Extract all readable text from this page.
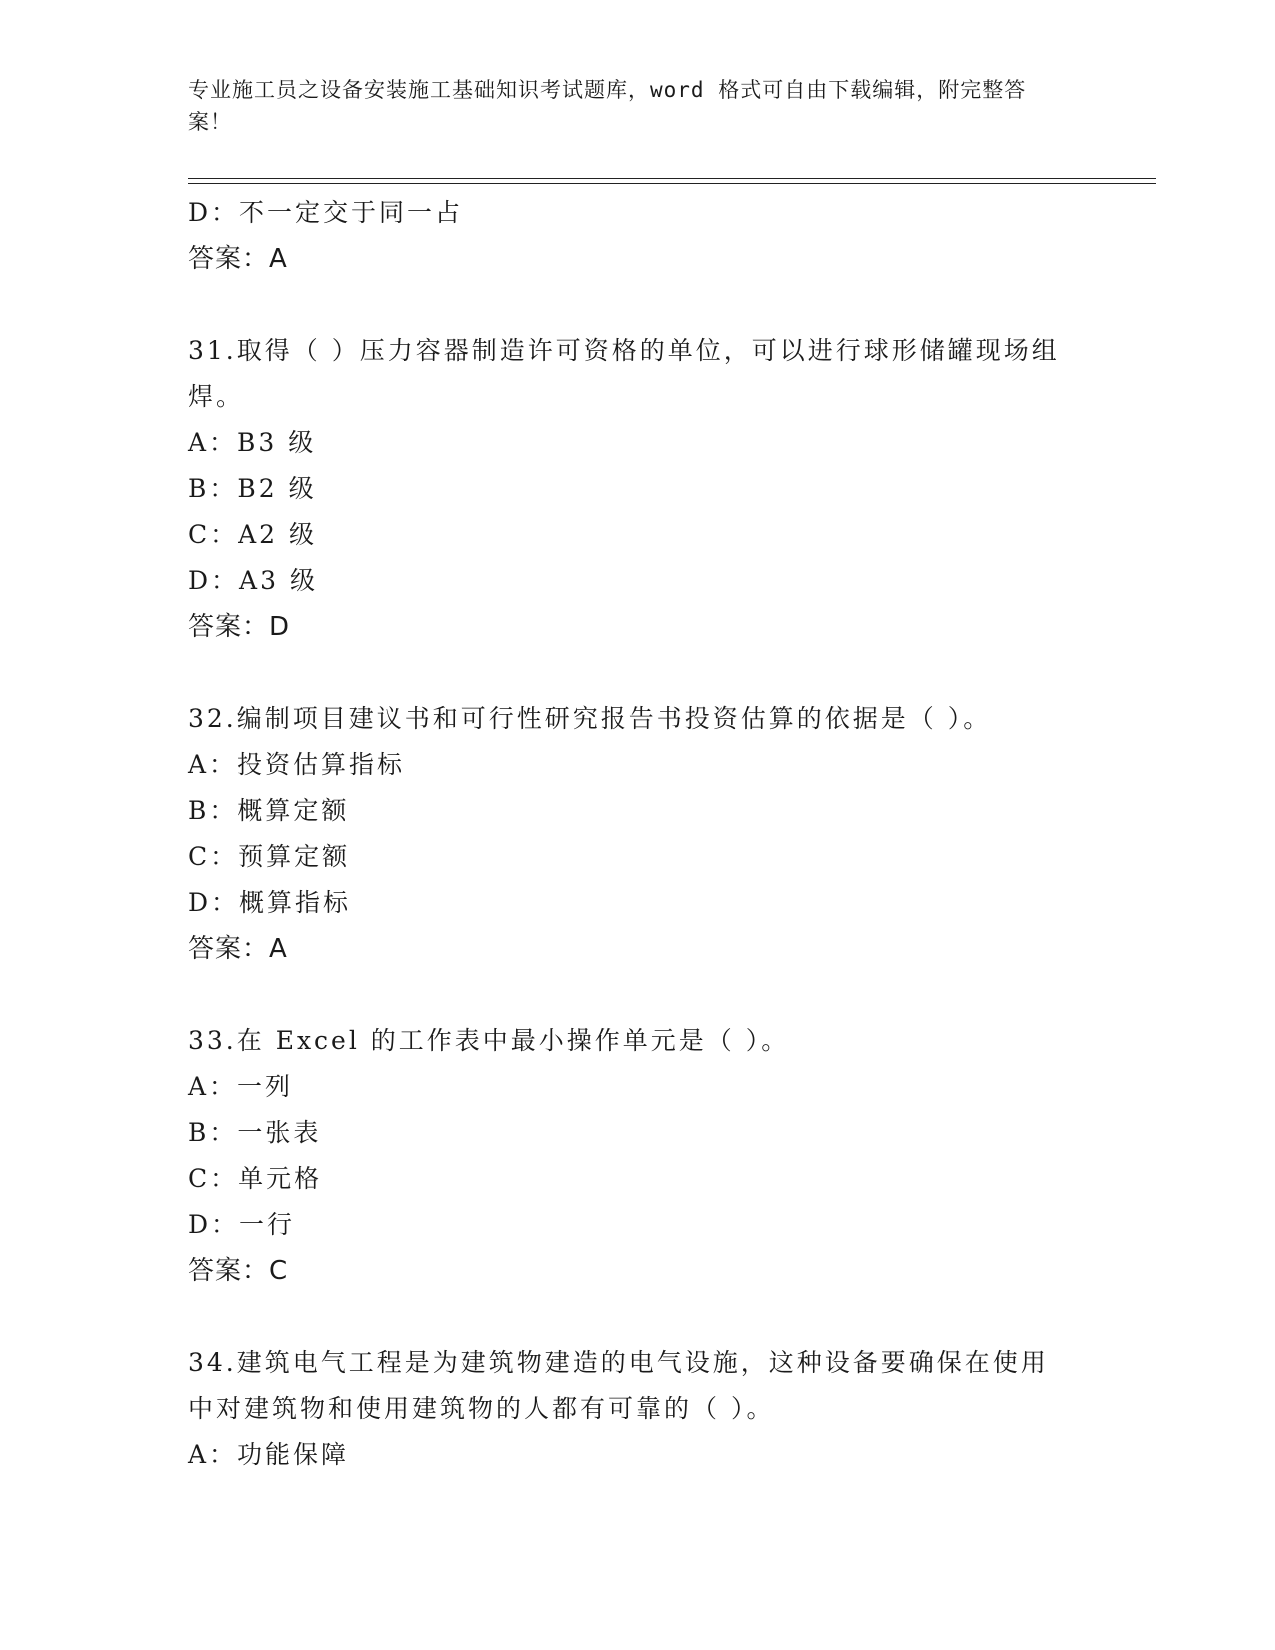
专业施工员之设备安装施工基础知识考试题库，word 格式可自由下载编辑，附完整答案！
D：不一定交于同一占
答案：A
31.取得（ ）压力容器制造许可资格的单位，可以进行球形储罐现场组焊。
A：B3 级
B：B2 级
C：A2 级
D：A3 级
答案：D
32.编制项目建议书和可行性研究报告书投资估算的依据是（ ）。
A：投资估算指标
B：概算定额
C：预算定额
D：概算指标
答案：A
33.在 Excel 的工作表中最小操作单元是（ ）。
A：一列
B：一张表
C：单元格
D：一行
答案：C
34.建筑电气工程是为建筑物建造的电气设施，这种设备要确保在使用中对建筑物和使用建筑物的人都有可靠的（ ）。
A：功能保障
